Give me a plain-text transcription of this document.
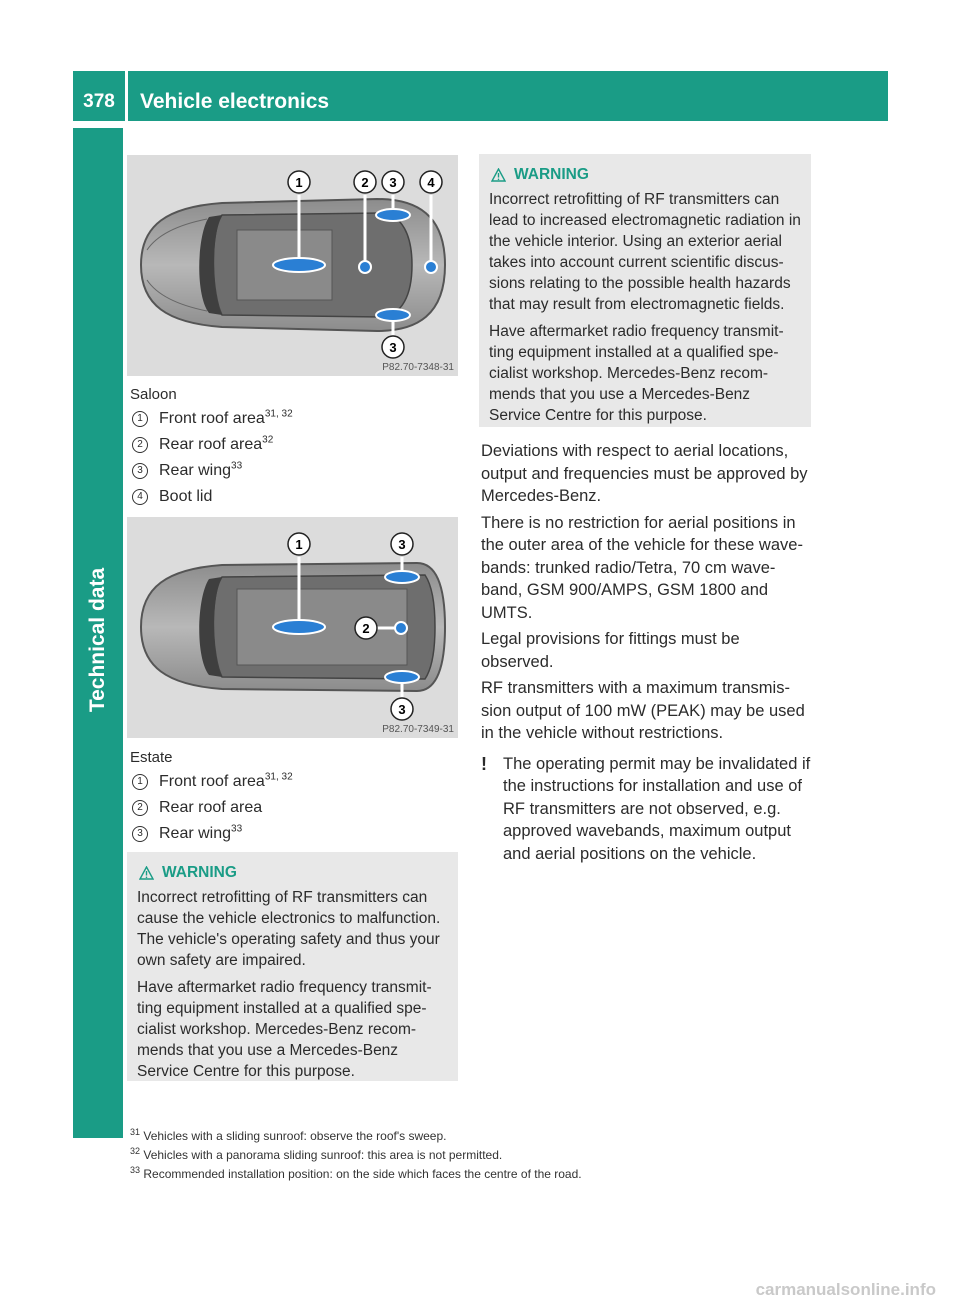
378	Vehicle electronics
Technical data
1	2 3 4
3
P82.70-7348-31
Saloon
1	Front roof area$^{31, 32}$
2	Rear roof area$^{32}$
3	Rear wing$^{33}$
4	Boot lid
1	3
2
3
P82.70-7349-31
Estate
1	Front roof area$^{31, 32}$
2	Rear roof area
3	Rear wing$^{33}$
WARNING

Incorrect retrofitting of RF transmitters can cause the vehicle electronics to malfunction. The vehicle's operating safety and thus your own safety are impaired.

Have aftermarket radio frequency transmit-ting equipment installed at a qualified spe-cialist workshop. Mercedes-Benz recom-mends that you use a Mercedes-Benz Service Centre for this purpose.

WARNING

Incorrect retrofitting of RF transmitters can lead to increased electromagnetic radiation in the vehicle interior. Using an exterior aerial takes into account current scientific discus-sions relating to the possible health hazards that may result from electromagnetic fields.

Have aftermarket radio frequency transmit-ting equipment installed at a qualified spe-cialist workshop. Mercedes-Benz recom-mends that you use a Mercedes-Benz Service Centre for this purpose.

Deviations with respect to aerial locations, output and frequencies must be approved by Mercedes-Benz.

There is no restriction for aerial positions in the outer area of the vehicle for these wave-bands: trunked radio/Tetra, 70 cm wave-band, GSM 900/AMPS, GSM 1800 and UMTS.

Legal provisions for fittings must be observed.

RF transmitters with a maximum transmis-sion output of 100 mW (PEAK) may be used in the vehicle without restrictions.

! The operating permit may be invalidated if the instructions for installation and use of RF transmitters are not observed, e.g. approved wavebands, maximum output and aerial positions on the vehicle.
$^{31}$ Vehicles with a sliding sunroof: observe the roof's sweep.
$^{32}$ Vehicles with a panorama sliding sunroof: this area is not permitted.
$^{33}$ Recommended installation position: on the side which faces the centre of the road.
carmanualsonline.info
